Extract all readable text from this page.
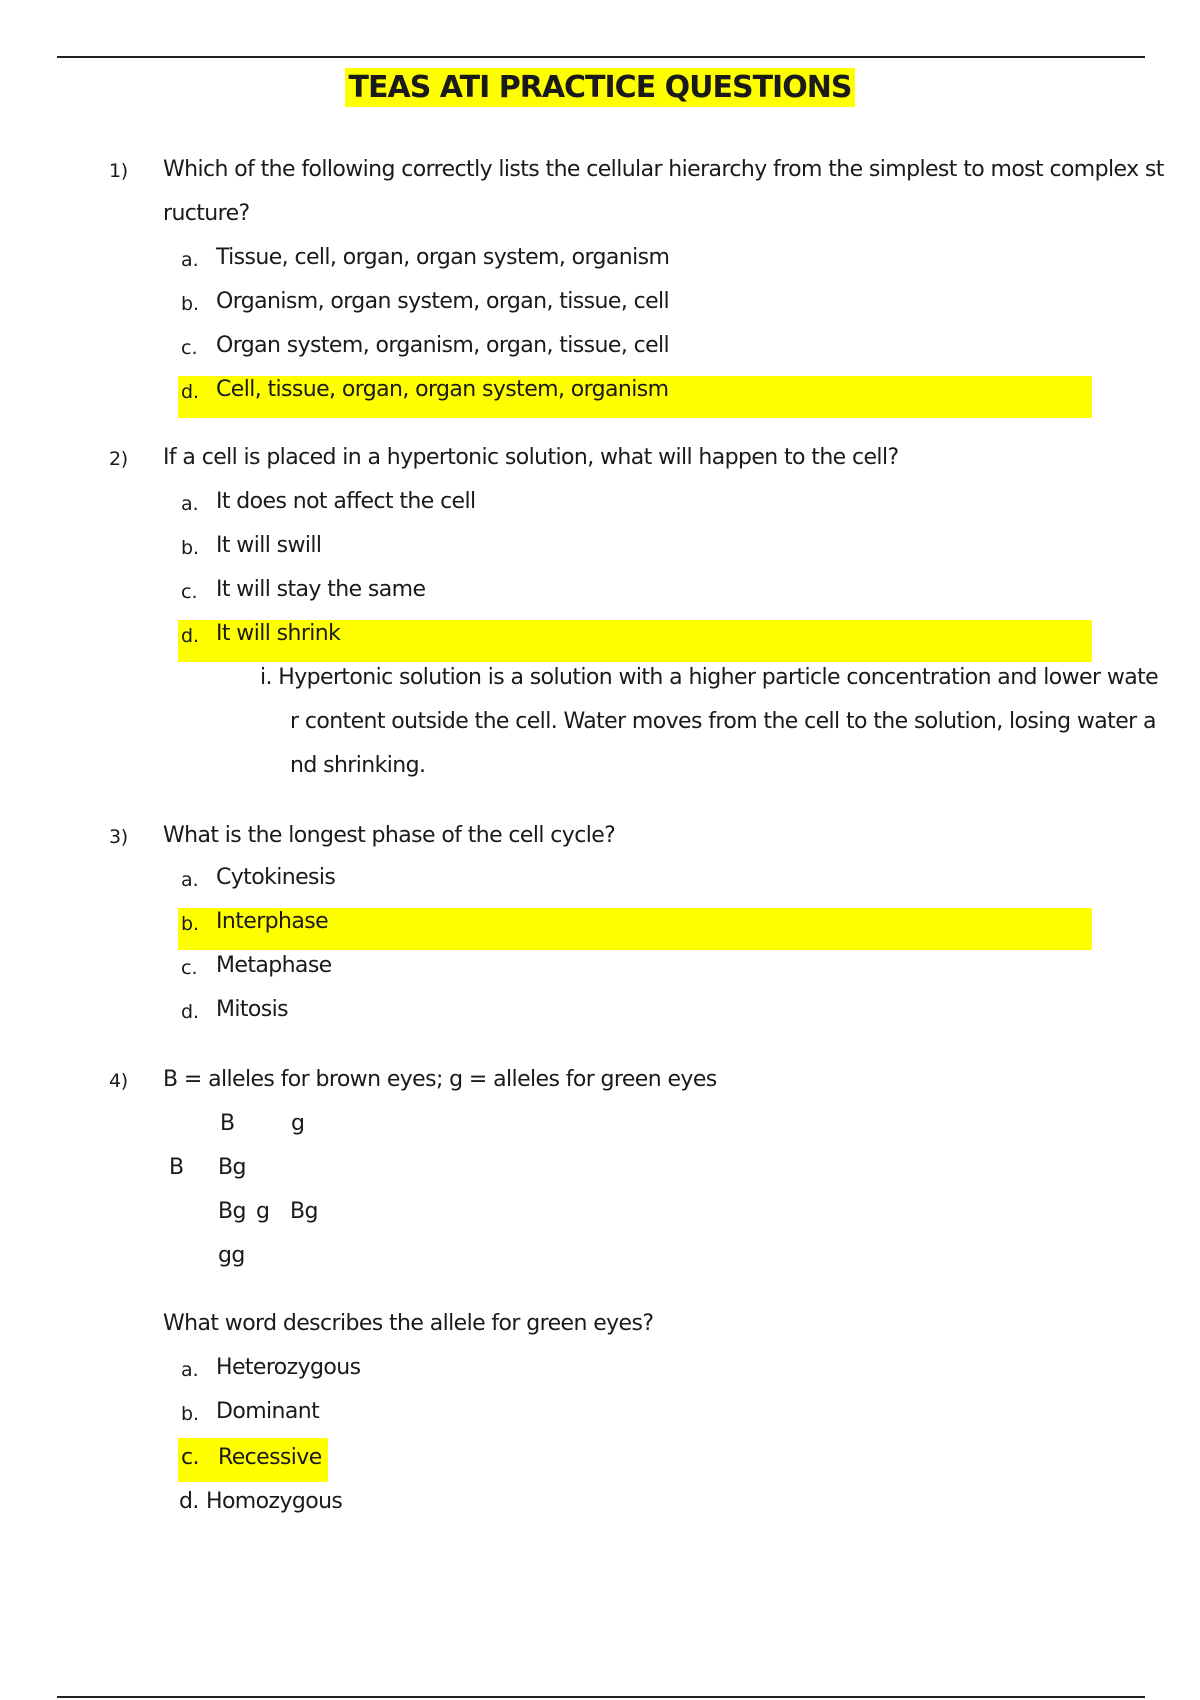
TEAS ATI PRACTICE QUESTIONS
1) Which of the following correctly lists the cellular hierarchy from the simplest to most complex st
ructure?
a. Tissue, cell, organ, organ system, organism
b. Organism, organ system, organ, tissue, cell
c. Organ system, organism, organ, tissue, cell
d. Cell, tissue, organ, organ system, organism
2) If a cell is placed in a hypertonic solution, what will happen to the cell?
a. It does not affect the cell
b. It will swill
c. It will stay the same
d. It will shrink
i. Hypertonic solution is a solution with a higher particle concentration and lower wate
r content outside the cell. Water moves from the cell to the solution, losing water a
nd shrinking.
3) What is the longest phase of the cell cycle?
a. Cytokinesis
b. Interphase
c. Metaphase
d. Mitosis
4) B = alleles for brown eyes; g = alleles for green eyes
B	g
B Bg
Bg g Bg
gg
What word describes the allele for green eyes?
a. Heterozygous
b. Dominant
c. Recessive
d. Homozygous
